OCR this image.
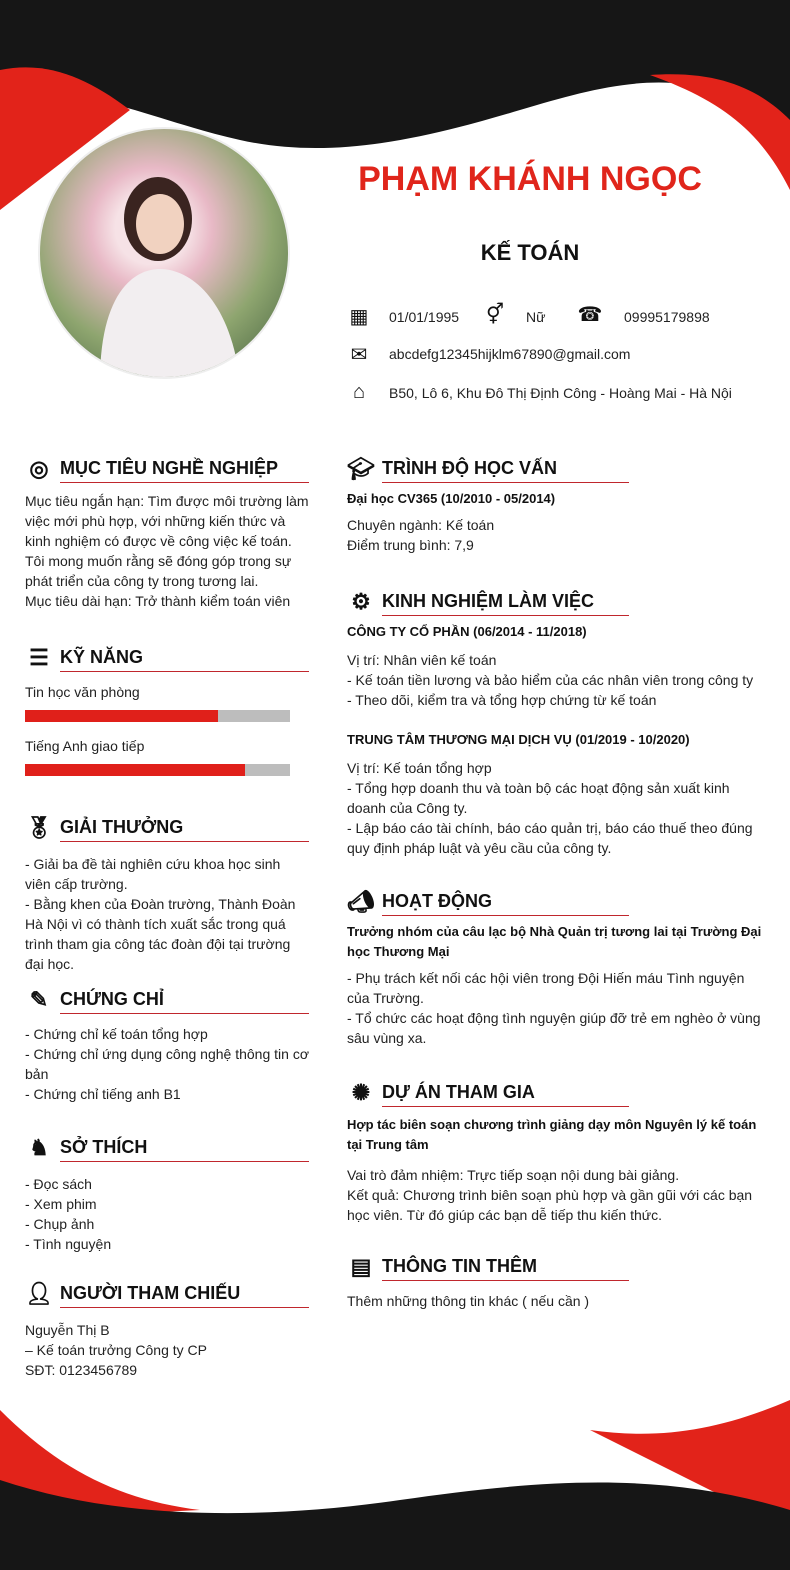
PHẠM KHÁNH NGỌC
KẾ TOÁN
▦ 01/01/1995 ⚥ Nữ ☎ 09995179898
✉ abcdefg12345hijklm67890@gmail.com
⌂	B50, Lô 6, Khu Đô Thị Định Công - Hoàng Mai - Hà Nội
◎ MỤC TIÊU NGHỀ NGHIỆP
Mục tiêu ngắn hạn: Tìm được môi trường làm việc mới phù hợp, với những kiến thức và kinh nghiệm có được về công việc kế toán. Tôi mong muốn rằng sẽ đóng góp trong sự phát triển của công ty trong tương lai.
Mục tiêu dài hạn: Trở thành kiểm toán viên
☰ KỸ NĂNG
Tin học văn phòng
Tiếng Anh giao tiếp
🏅︎ GIẢI THƯỞNG
- Giải ba đề tài nghiên cứu khoa học sinh viên cấp trường.
- Bằng khen của Đoàn trường, Thành Đoàn Hà Nội vì có thành tích xuất sắc trong quá trình tham gia công tác đoàn đội tại trường đại học.
✎ CHỨNG CHỈ
- Chứng chỉ kế toán tổng hợp
- Chứng chỉ ứng dụng công nghệ thông tin cơ bản
- Chứng chỉ tiếng anh B1
♞ SỞ THÍCH
- Đọc sách
- Xem phim
- Chụp ảnh
- Tình nguyện
👤︎ NGƯỜI THAM CHIẾU
Nguyễn Thị B
– Kế toán trưởng Công ty CP
SĐT: 0123456789
🎓︎ TRÌNH ĐỘ HỌC VẤN
Đại học CV365 (10/2010 - 05/2014)
Chuyên ngành: Kế toán
Điểm trung bình: 7,9
⚙ KINH NGHIỆM LÀM VIỆC
CÔNG TY CỔ PHẦN (06/2014 - 11/2018)
Vị trí: Nhân viên kế toán
- Kế toán tiền lương và bảo hiểm của các nhân viên trong công ty
- Theo dõi, kiểm tra và tổng hợp chứng từ kế toán
TRUNG TÂM THƯƠNG MẠI DỊCH VỤ (01/2019 - 10/2020)
Vị trí: Kế toán tổng hợp
- Tổng hợp doanh thu và toàn bộ các hoạt động sản xuất kinh doanh của Công ty.
- Lập báo cáo tài chính, báo cáo quản trị, báo cáo thuế theo đúng quy định pháp luật và yêu cầu của công ty.
📣︎ HOẠT ĐỘNG
Trưởng nhóm của câu lạc bộ Nhà Quản trị tương lai tại Trường Đại học Thương Mại
- Phụ trách kết nối các hội viên trong Đội Hiến máu Tình nguyện của Trường.
- Tổ chức các hoạt động tình nguyện giúp đỡ trẻ em nghèo ở vùng sâu vùng xa.
✺ DỰ ÁN THAM GIA
Hợp tác biên soạn chương trình giảng dạy môn Nguyên lý kế toán tại Trung tâm
Vai trò đảm nhiệm: Trực tiếp soạn nội dung bài giảng.
Kết quả: Chương trình biên soạn phù hợp và gần gũi với các bạn học viên. Từ đó giúp các bạn dễ tiếp thu kiến thức.
▤ THÔNG TIN THÊM
Thêm những thông tin khác ( nếu cần )
